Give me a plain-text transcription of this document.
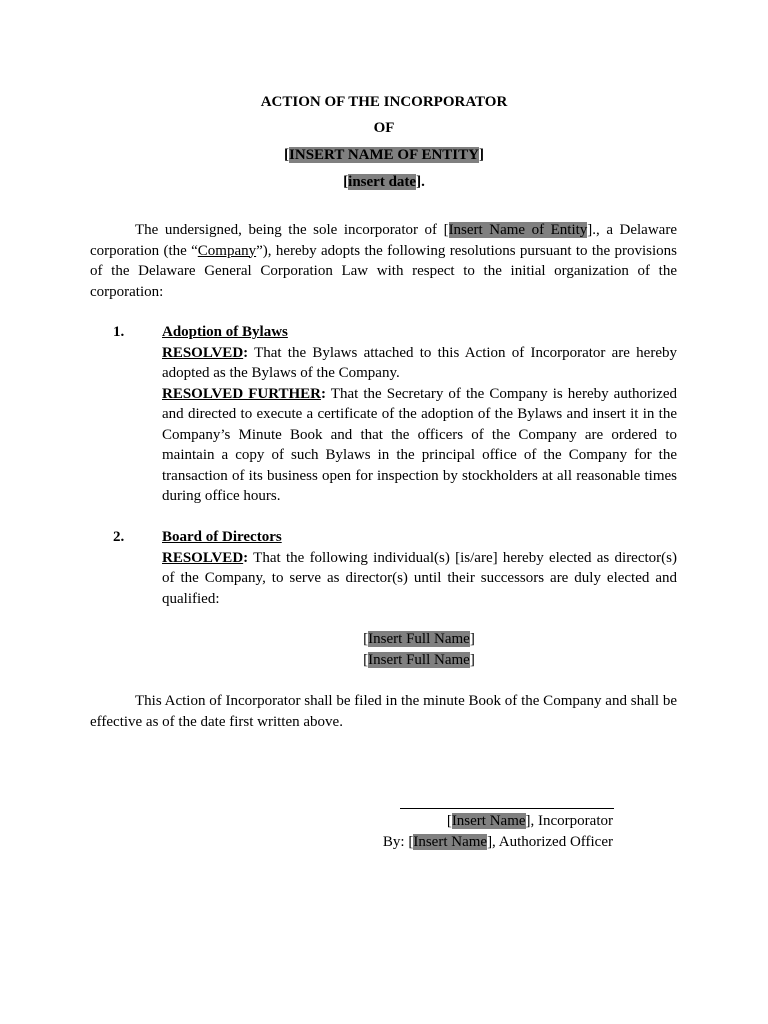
ACTION OF THE INCORPORATOR
OF
[INSERT NAME OF ENTITY]
[insert date].
The undersigned, being the sole incorporator of [Insert Name of Entity]., a Delaware corporation (the “Company”), hereby adopts the following resolutions pursuant to the provisions of the Delaware General Corporation Law with respect to the initial organization of the corporation:
1.	Adoption of Bylaws
RESOLVED: That the Bylaws attached to this Action of Incorporator are hereby adopted as the Bylaws of the Company.
RESOLVED FURTHER: That the Secretary of the Company is hereby authorized and directed to execute a certificate of the adoption of the Bylaws and insert it in the Company’s Minute Book and that the officers of the Company are ordered to maintain a copy of such Bylaws in the principal office of the Company for the transaction of its business open for inspection by stockholders at all reasonable times during office hours.
2.	Board of Directors
RESOLVED: That the following individual(s) [is/are] hereby elected as director(s) of the Company, to serve as director(s) until their successors are duly elected and qualified:
[Insert Full Name]
[Insert Full Name]
This Action of Incorporator shall be filed in the minute Book of the Company and shall be effective as of the date first written above.
[Insert Name], Incorporator
By: [Insert Name], Authorized Officer
